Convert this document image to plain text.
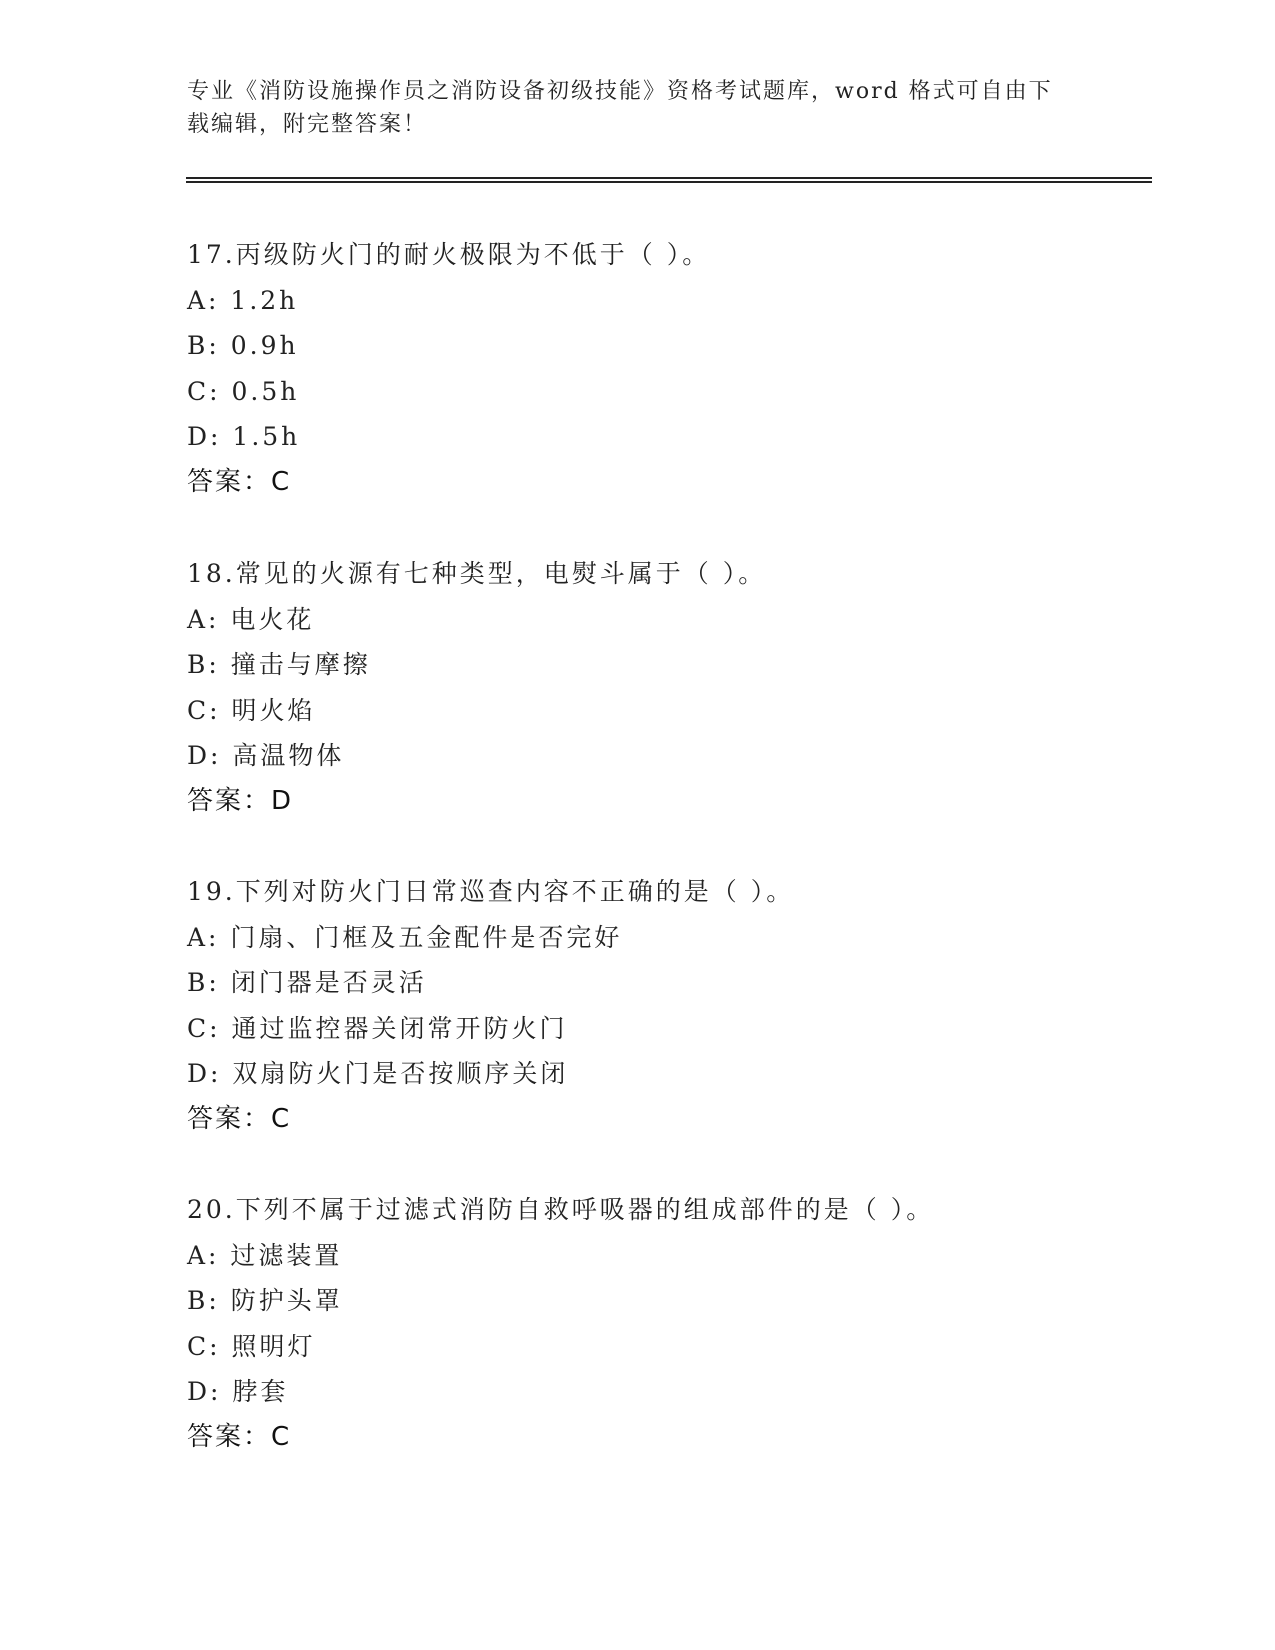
专业《消防设施操作员之消防设备初级技能》资格考试题库，word 格式可自由下
载编辑，附完整答案！
17.丙级防火门的耐火极限为不低于（ ）。
A: 1.2h
B: 0.9h
C: 0.5h
D: 1.5h
答案：C
18.常见的火源有七种类型，电熨斗属于（ ）。
A: 电火花
B: 撞击与摩擦
C: 明火焰
D: 高温物体
答案：D
19.下列对防火门日常巡查内容不正确的是（ ）。
A: 门扇、门框及五金配件是否完好
B: 闭门器是否灵活
C: 通过监控器关闭常开防火门
D: 双扇防火门是否按顺序关闭
答案：C
20.下列不属于过滤式消防自救呼吸器的组成部件的是（ ）。
A: 过滤装置
B: 防护头罩
C: 照明灯
D: 脖套
答案：C
